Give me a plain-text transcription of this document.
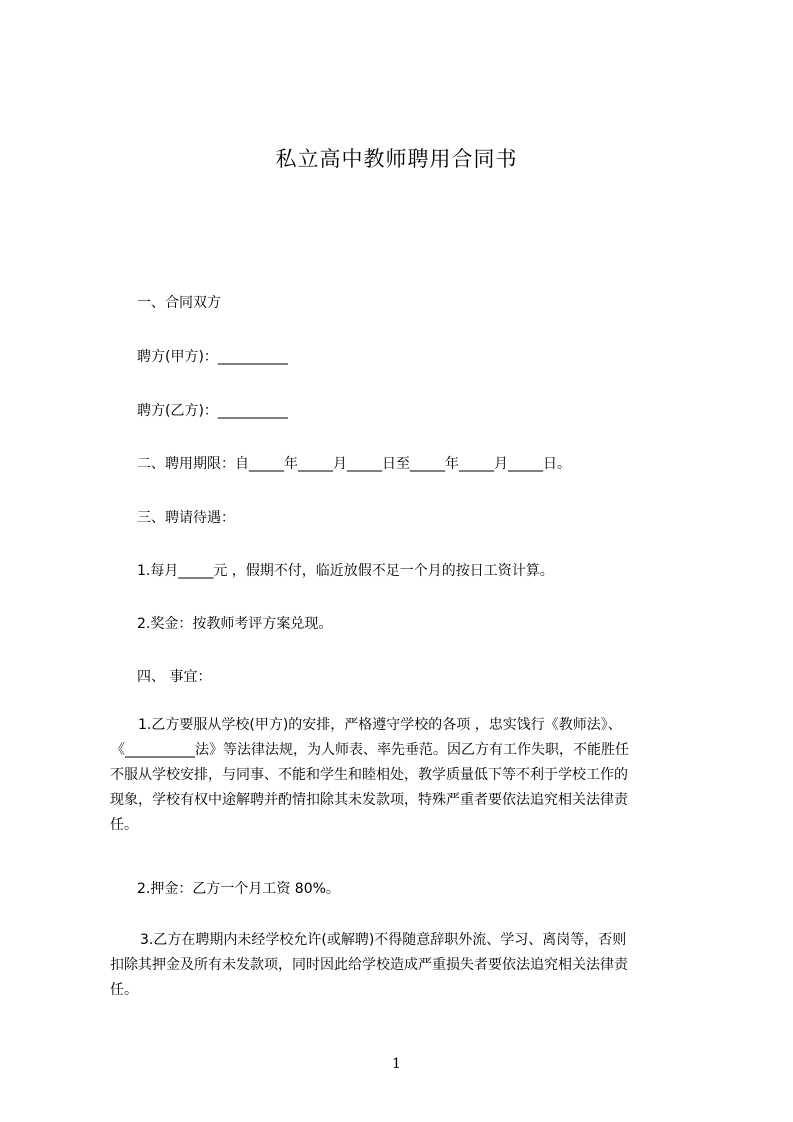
私立高中教师聘用合同书
一、合同双方
聘方(甲方)：__________
聘方(乙方)：__________
二、聘用期限：自_____年_____月_____日至_____年_____月_____日。
三、聘请待遇：
1.每月_____元 ，假期不付，临近放假不足一个月的按日工资计算。
2.奖金：按教师考评方案兑现。
四、 事宜：
1.乙方要服从学校(甲方)的安排，严格遵守学校的各项 ，忠实饯行《教师法》、
《__________法》等法律法规，为人师表、率先垂范。因乙方有工作失职，不能胜任
不服从学校安排，与同事、不能和学生和睦相处，教学质量低下等不利于学校工作的
现象，学校有权中途解聘并酌情扣除其未发款项，特殊严重者要依法追究相关法律责
任。
2.押金：乙方一个月工资 80%。
3.乙方在聘期内未经学校允许(或解聘)不得随意辞职外流、学习、离岗等，否则
扣除其押金及所有未发款项，同时因此给学校造成严重损失者要依法追究相关法律责
任。
1
